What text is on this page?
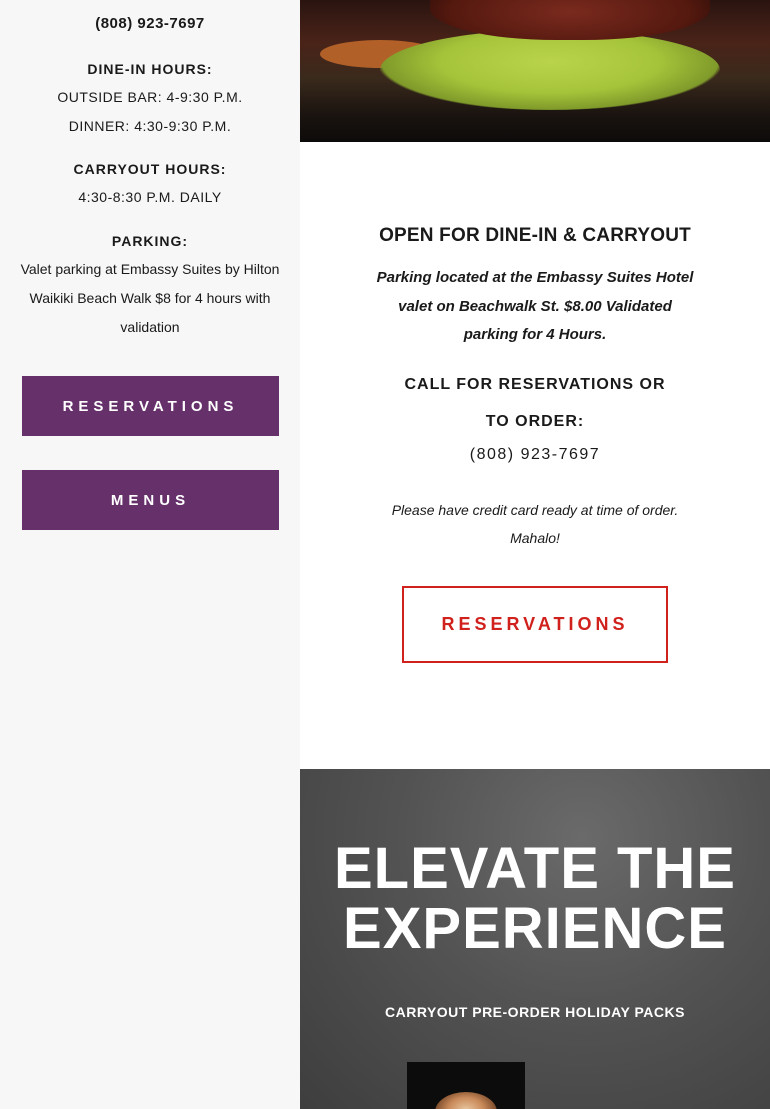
(808) 923-7697
DINE-IN HOURS:
OUTSIDE BAR: 4-9:30 P.M.
DINNER: 4:30-9:30 P.M.
CARRYOUT HOURS:
4:30-8:30 P.M. DAILY
PARKING:
Valet parking at Embassy Suites by Hilton Waikiki Beach Walk $8 for 4 hours with validation
RESERVATIONS
MENUS
OPEN FOR DINE-IN & CARRYOUT
Parking located at the Embassy Suites Hotel valet on Beachwalk St. $8.00 Validated parking for 4 Hours.
CALL FOR RESERVATIONS OR TO ORDER:
(808) 923-7697
Please have credit card ready at time of order. Mahalo!
RESERVATIONS
ELEVATE THE EXPERIENCE
CARRYOUT PRE-ORDER HOLIDAY PACKS
